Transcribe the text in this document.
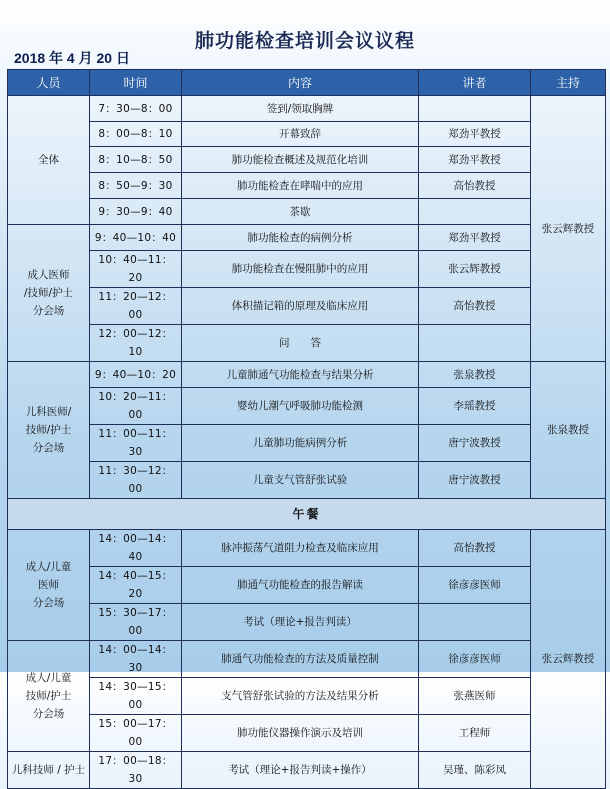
肺功能检查培训会议议程
2018 年 4 月 20 日
人员	时间	内容	讲者	主持
全体	7：30—8：00	签到/领取胸牌		张云辉教授
	8：00—8：10	开幕致辞	郑劲平教授	
	8：10—8：50	肺功能检查概述及规范化培训	郑劲平教授	
	8：50—9：30	肺功能检查在哮喘中的应用	高怡教授	
	9：30—9：40	茶歇		
成人医师
/技师/护士
分会场	9：40—10：40	肺功能检查的病例分析	郑劲平教授	
	10：40—11：20	肺功能检查在慢阻肺中的应用	张云辉教授	
	11：20—12：00	体积描记箱的原理及临床应用	高怡教授	
	12：00—12：10	问　　答		
儿科医师/
技师/护士
分会场	9：40—10：20	儿童肺通气功能检查与结果分析	张泉教授	张泉教授
	10：20—11：00	婴幼儿潮气呼吸肺功能检测	李瑶教授	
	11：00—11：30	儿童肺功能病例分析	唐宁波教授	
	11：30—12：00	儿童支气管舒张试验	唐宁波教授	
午餐				
成人/儿童
医师
分会场	14：00—14：40	脉冲振荡气道阻力检查及临床应用	高怡教授	张云辉教授
	14：40—15：20	肺通气功能检查的报告解读	徐彦彦医师	
	15：30—17：00	考试（理论+报告判读）		
成人/儿童
技师/护士
分会场	14：00—14：30	肺通气功能检查的方法及质量控制	徐彦彦医师	
	14：30—15：00	支气管舒张试验的方法及结果分析	张燕医师	
	15：00—17：00	肺功能仪器操作演示及培训	工程师	
儿科技师 / 护士	17：00—18：30	考试（理论+报告判读+操作）	吴瑾、陈彩凤	
